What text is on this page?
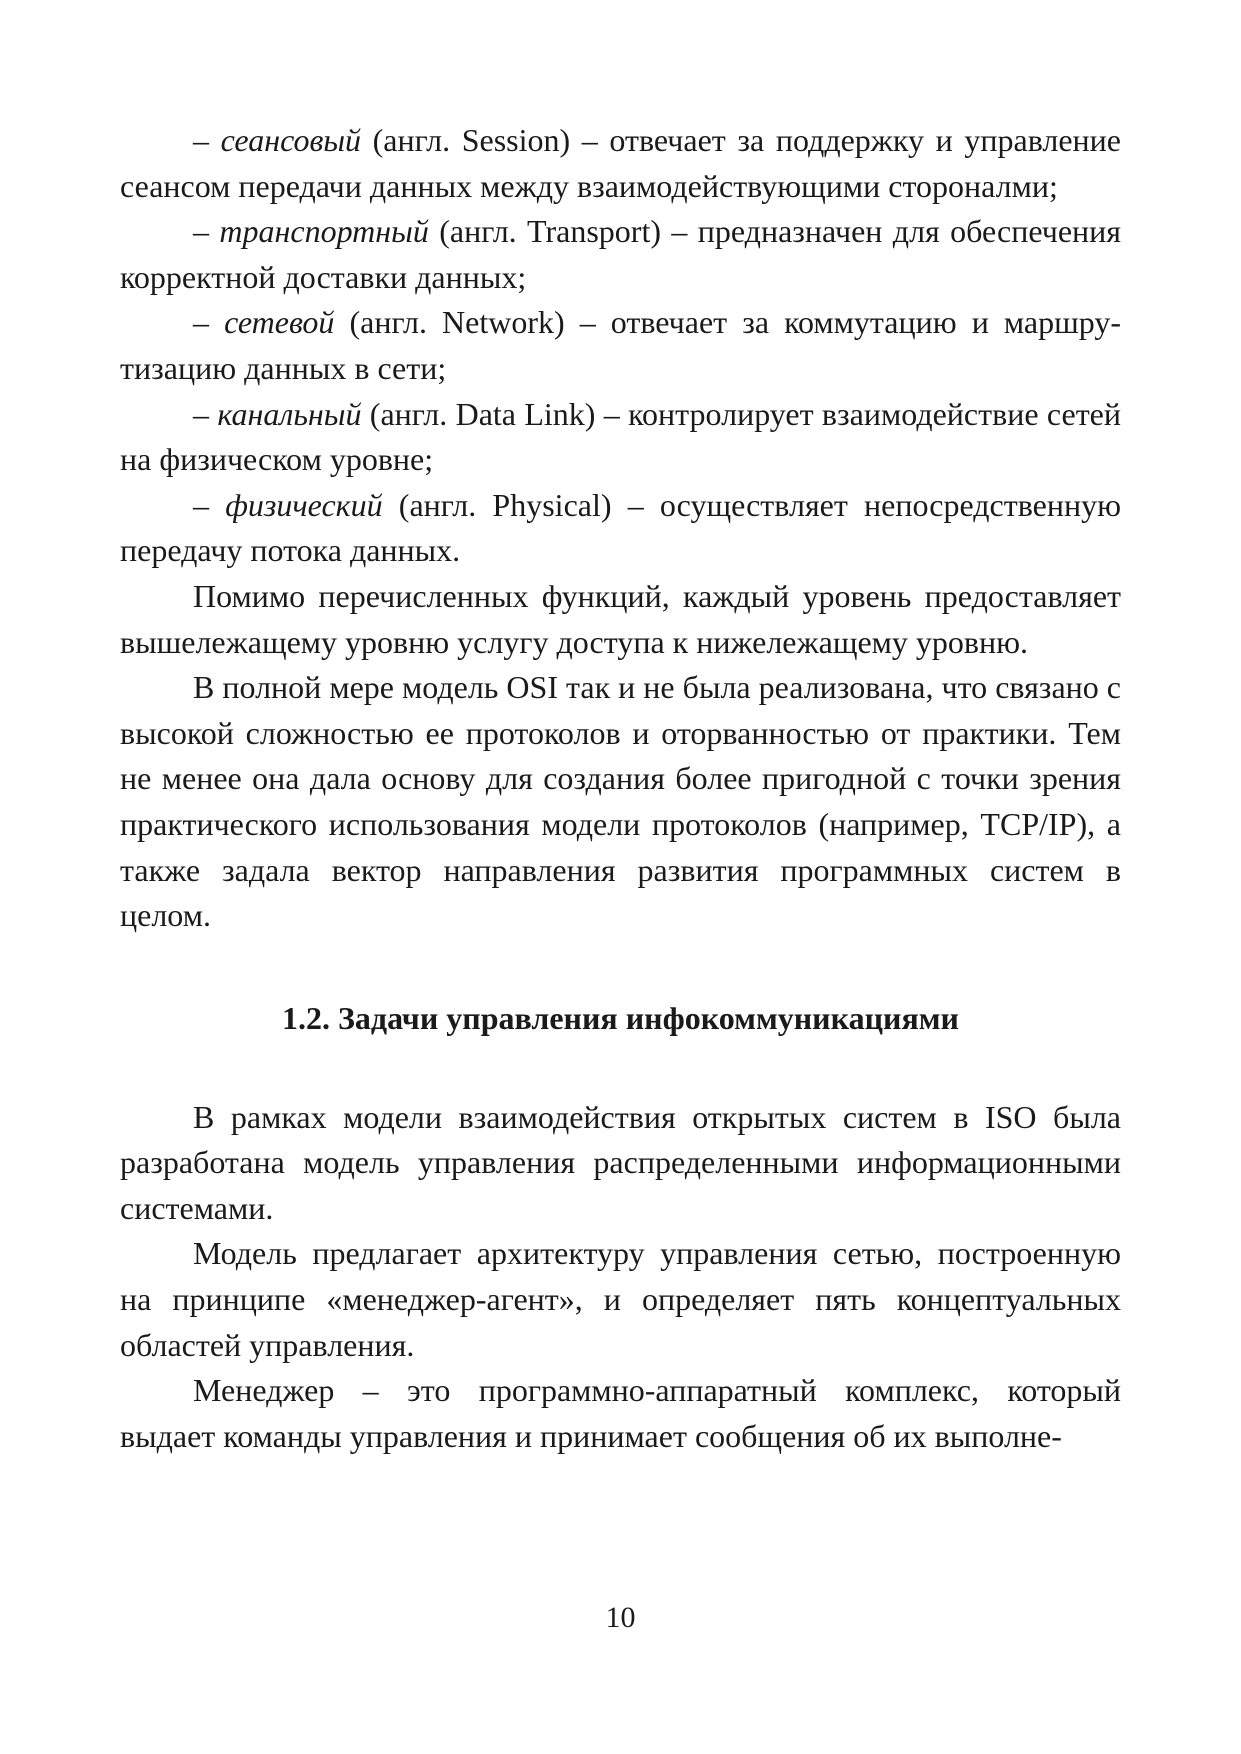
– сеансовый (англ. Session) – отвечает за поддержку и управление сеансом передачи данных между взаимодействующими стороналми;

– транспортный (англ. Transport) – предназначен для обеспечения корректной доставки данных;

– сетевой (англ. Network) – отвечает за коммутацию и маршрутизацию данных в сети;

– канальный (англ. Data Link) – контролирует взаимодействие сетей на физическом уровне;

– физический (англ. Physical) – осуществляет непосредственную передачу потока данных.

Помимо перечисленных функций, каждый уровень предоставляет вышележащему уровню услугу доступа к нижележащему уровню.

В полной мере модель OSI так и не была реализована, что связано с высокой сложностью ее протоколов и оторванностью от практики. Тем не менее она дала основу для создания более пригодной с точки зрения практического использования модели протоколов (например, TCP/IP), а также задала вектор направления развития программных систем в целом.

1.2. Задачи управления инфокоммуникациями

В рамках модели взаимодействия открытых систем в ISO была разработана модель управления распределенными информационными системами.

Модель предлагает архитектуру управления сетью, построенную на принципе «менеджер-агент», и определяет пять концептуальных областей управления.

Менеджер – это программно-аппаратный комплекс, который выдает команды управления и принимает сообщения об их выполне-

10
